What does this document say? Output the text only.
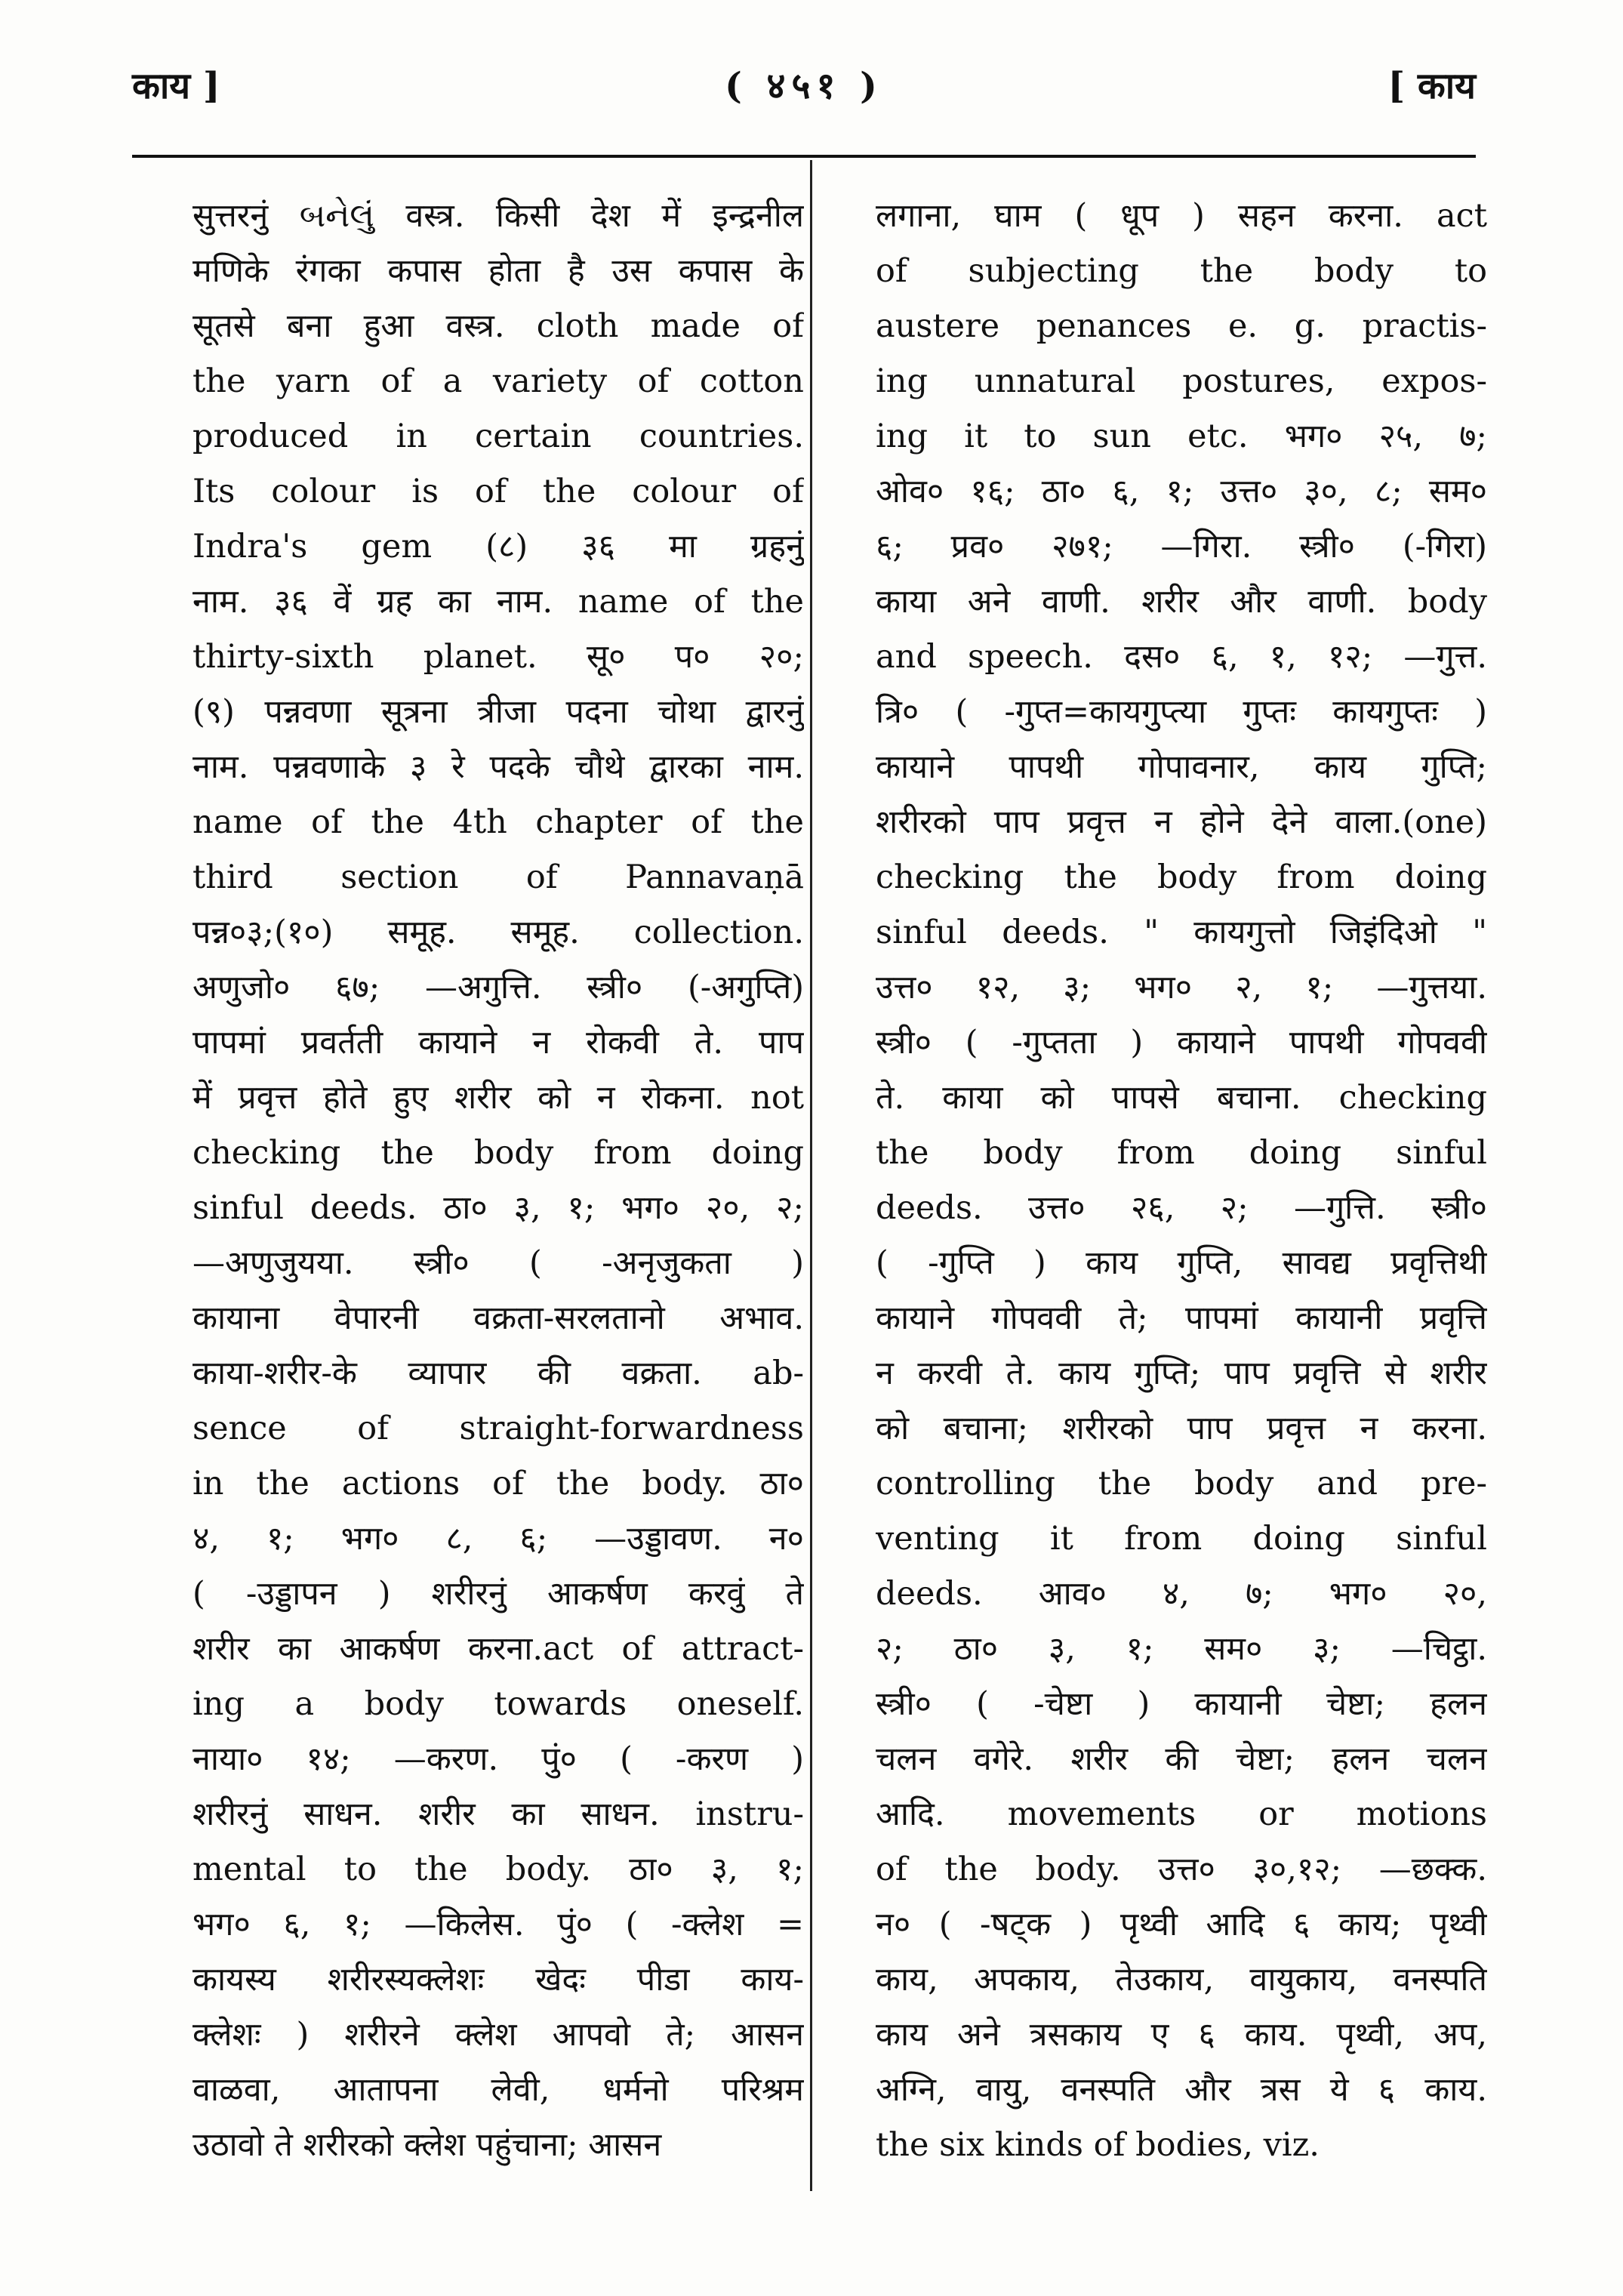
काय ]	( ४५१ )	[ काय
सुत्तरनुं બનેલું वस्त्र. किसी देश में इन्द्रनील
मणिके रंगका कपास होता है उस कपास के
सूतसे बना हुआ वस्त्र. cloth made of
the yarn of a variety of cotton
produced in certain countries.
Its colour is of the colour of
Indra's gem (८) ३६ मा ग्रहनुं
नाम. ३६ वें ग्रह का नाम. name of the
thirty-sixth planet. सू० प० २०;
(९) पन्नवणा सूत्रना त्रीजा पदना चोथा द्वारनुं
नाम. पन्नवणाके ३ रे पदके चौथे द्वारका नाम.
name of the 4th chapter of the
third section of Pannavaṇā
पन्न०३;(१०) समूह. समूह. collection.
अणुजो० ६७; —अगुत्ति. स्त्री० (-अगुप्ति)
पापमां प्रवर्तती कायाने न रोकवी ते. पाप
में प्रवृत्त होते हुए शरीर को न रोकना. not
checking the body from doing
sinful deeds. ठा० ३, १; भग० २०, २;
—अणुजुयया. स्त्री० ( -अनृजुकता )
कायाना वेपारनी वक्रता-सरलतानो अभाव.
काया-शरीर-के व्यापार की वक्रता. ab-
sence of straight-forwardness
in the actions of the body. ठा०
४, १; भग० ८, ६; —उड्डावण. न०
( -उड्डापन ) शरीरनुं आकर्षण करवुं ते
शरीर का आकर्षण करना.act of attract-
ing a body towards oneself.
नाया० १४; —करण. पुं० ( -करण )
शरीरनुं साधन. शरीर का साधन. instru-
mental to the body. ठा० ३, १;
भग० ६, १; —किलेस. पुं० ( -क्लेश =
कायस्य शरीरस्यक्लेशः खेदः पीडा काय-
क्लेशः ) शरीरने क्लेश आपवो ते; आसन
वाळवा, आतापना लेवी, धर्मनो परिश्रम
उठावो ते शरीरको क्लेश पहुंचाना; आसन
लगाना, घाम ( धूप ) सहन करना. act
of subjecting the body to
austere penances e. g. practis-
ing unnatural postures, expos-
ing it to sun etc. भग० २५, ७;
ओव० १६; ठा० ६, १; उत्त० ३०, ८; सम०
६; प्रव० २७१; —गिरा. स्त्री० (-गिरा)
काया अने वाणी. शरीर और वाणी. body
and speech. दस० ६, १, १२; —गुत्त.
त्रि० ( -गुप्त=कायगुप्त्या गुप्तः कायगुप्तः )
कायाने पापथी गोपावनार, काय गुप्ति;
शरीरको पाप प्रवृत्त न होने देने वाला.(one)
checking the body from doing
sinful deeds. " कायगुत्तो जिइंदिओ "
उत्त० १२, ३; भग० २, १; —गुत्तया.
स्त्री० ( -गुप्तता ) कायाने पापथी गोपववी
ते. काया को पापसे बचाना. checking
the body from doing sinful
deeds. उत्त० २६, २; —गुत्ति. स्त्री०
( -गुप्ति ) काय गुप्ति, सावद्य प्रवृत्तिथी
कायाने गोपववी ते; पापमां कायानी प्रवृत्ति
न करवी ते. काय गुप्ति; पाप प्रवृत्ति से शरीर
को बचाना; शरीरको पाप प्रवृत्त न करना.
controlling the body and pre-
venting it from doing sinful
deeds. आव० ४, ७; भग० २०,
२; ठा० ३, १; सम० ३; —चिट्ठा.
स्त्री० ( -चेष्टा ) कायानी चेष्टा; हलन
चलन वगेरे. शरीर की चेष्टा; हलन चलन
आदि. movements or motions
of the body. उत्त० ३०,१२; —छक्क.
न० ( -षट्क ) पृथ्वी आदि ६ काय; पृथ्वी
काय, अपकाय, तेउकाय, वायुकाय, वनस्पति
काय अने त्रसकाय ए ६ काय. पृथ्वी, अप,
अग्नि, वायु, वनस्पति और त्रस ये ६ काय.
the six kinds of bodies, viz.
